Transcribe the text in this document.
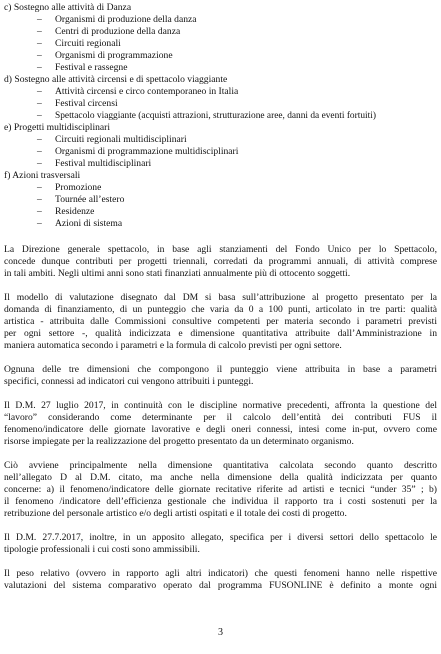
c) Sostegno alle attività di Danza

–	Organismi di produzione della danza
–	Centri di produzione della danza
–	Circuiti regionali
–	Organismi di programmazione
–	Festival e rassegne

d) Sostegno alle attività circensi e di spettacolo viaggiante

–	Attività circensi e circo contemporaneo in Italia
–	Festival circensi
–	Spettacolo viaggiante (acquisti attrazioni, strutturazione aree, danni da eventi fortuiti)

e) Progetti multidisciplinari

–	Circuiti regionali multidisciplinari
–	Organismi di programmazione multidisciplinari
–	Festival multidisciplinari

f) Azioni trasversali

–	Promozione
–	Tournée all’estero
–	Residenze
–	Azioni di sistema
La Direzione generale spettacolo, in base agli stanziamenti del Fondo Unico per lo Spettacolo,
concede dunque contributi per progetti triennali, corredati da programmi annuali, di attività comprese
in tali ambiti. Negli ultimi anni sono stati finanziati annualmente più di ottocento soggetti.
Il modello di valutazione disegnato dal DM si basa sull’attribuzione al progetto presentato per la
domanda di finanziamento, di un punteggio che varia da 0 a 100 punti, articolato in tre parti: qualità
artistica - attribuita dalle Commissioni consultive competenti per materia secondo i parametri previsti
per ogni settore -, qualità indicizzata e dimensione quantitativa attribuite dall’Amministrazione in
maniera automatica secondo i parametri e la formula di calcolo previsti per ogni settore.
Ognuna delle tre dimensioni che compongono il punteggio viene attribuita in base a parametri
specifici, connessi ad indicatori cui vengono attribuiti i punteggi.
Il D.M. 27 luglio 2017, in continuità con le discipline normative precedenti, affronta la questione del
“lavoro” considerando come determinante per il calcolo dell’entità dei contributi FUS il
fenomeno/indicatore delle giornate lavorative e degli oneri connessi, intesi come in-put, ovvero come
risorse impiegate per la realizzazione del progetto presentato da un determinato organismo.
Ciò avviene principalmente nella dimensione quantitativa calcolata secondo quanto descritto
nell’allegato D al D.M. citato, ma anche nella dimensione della qualità indicizzata per quanto
concerne: a) il fenomeno/indicatore delle giornate recitative riferite ad artisti e tecnici “under 35” ; b)
il fenomeno /indicatore dell’efficienza gestionale che individua il rapporto tra i costi sostenuti per la
retribuzione del personale artistico e/o degli artisti ospitati e il totale dei costi di progetto.
Il D.M. 27.7.2017, inoltre, in un apposito allegato, specifica per i diversi settori dello spettacolo le
tipologie professionali i cui costi sono ammissibili.
Il peso relativo (ovvero in rapporto agli altri indicatori) che questi fenomeni hanno nelle rispettive
valutazioni del sistema comparativo operato dal programma FUSONLINE è definito a monte ogni
3
